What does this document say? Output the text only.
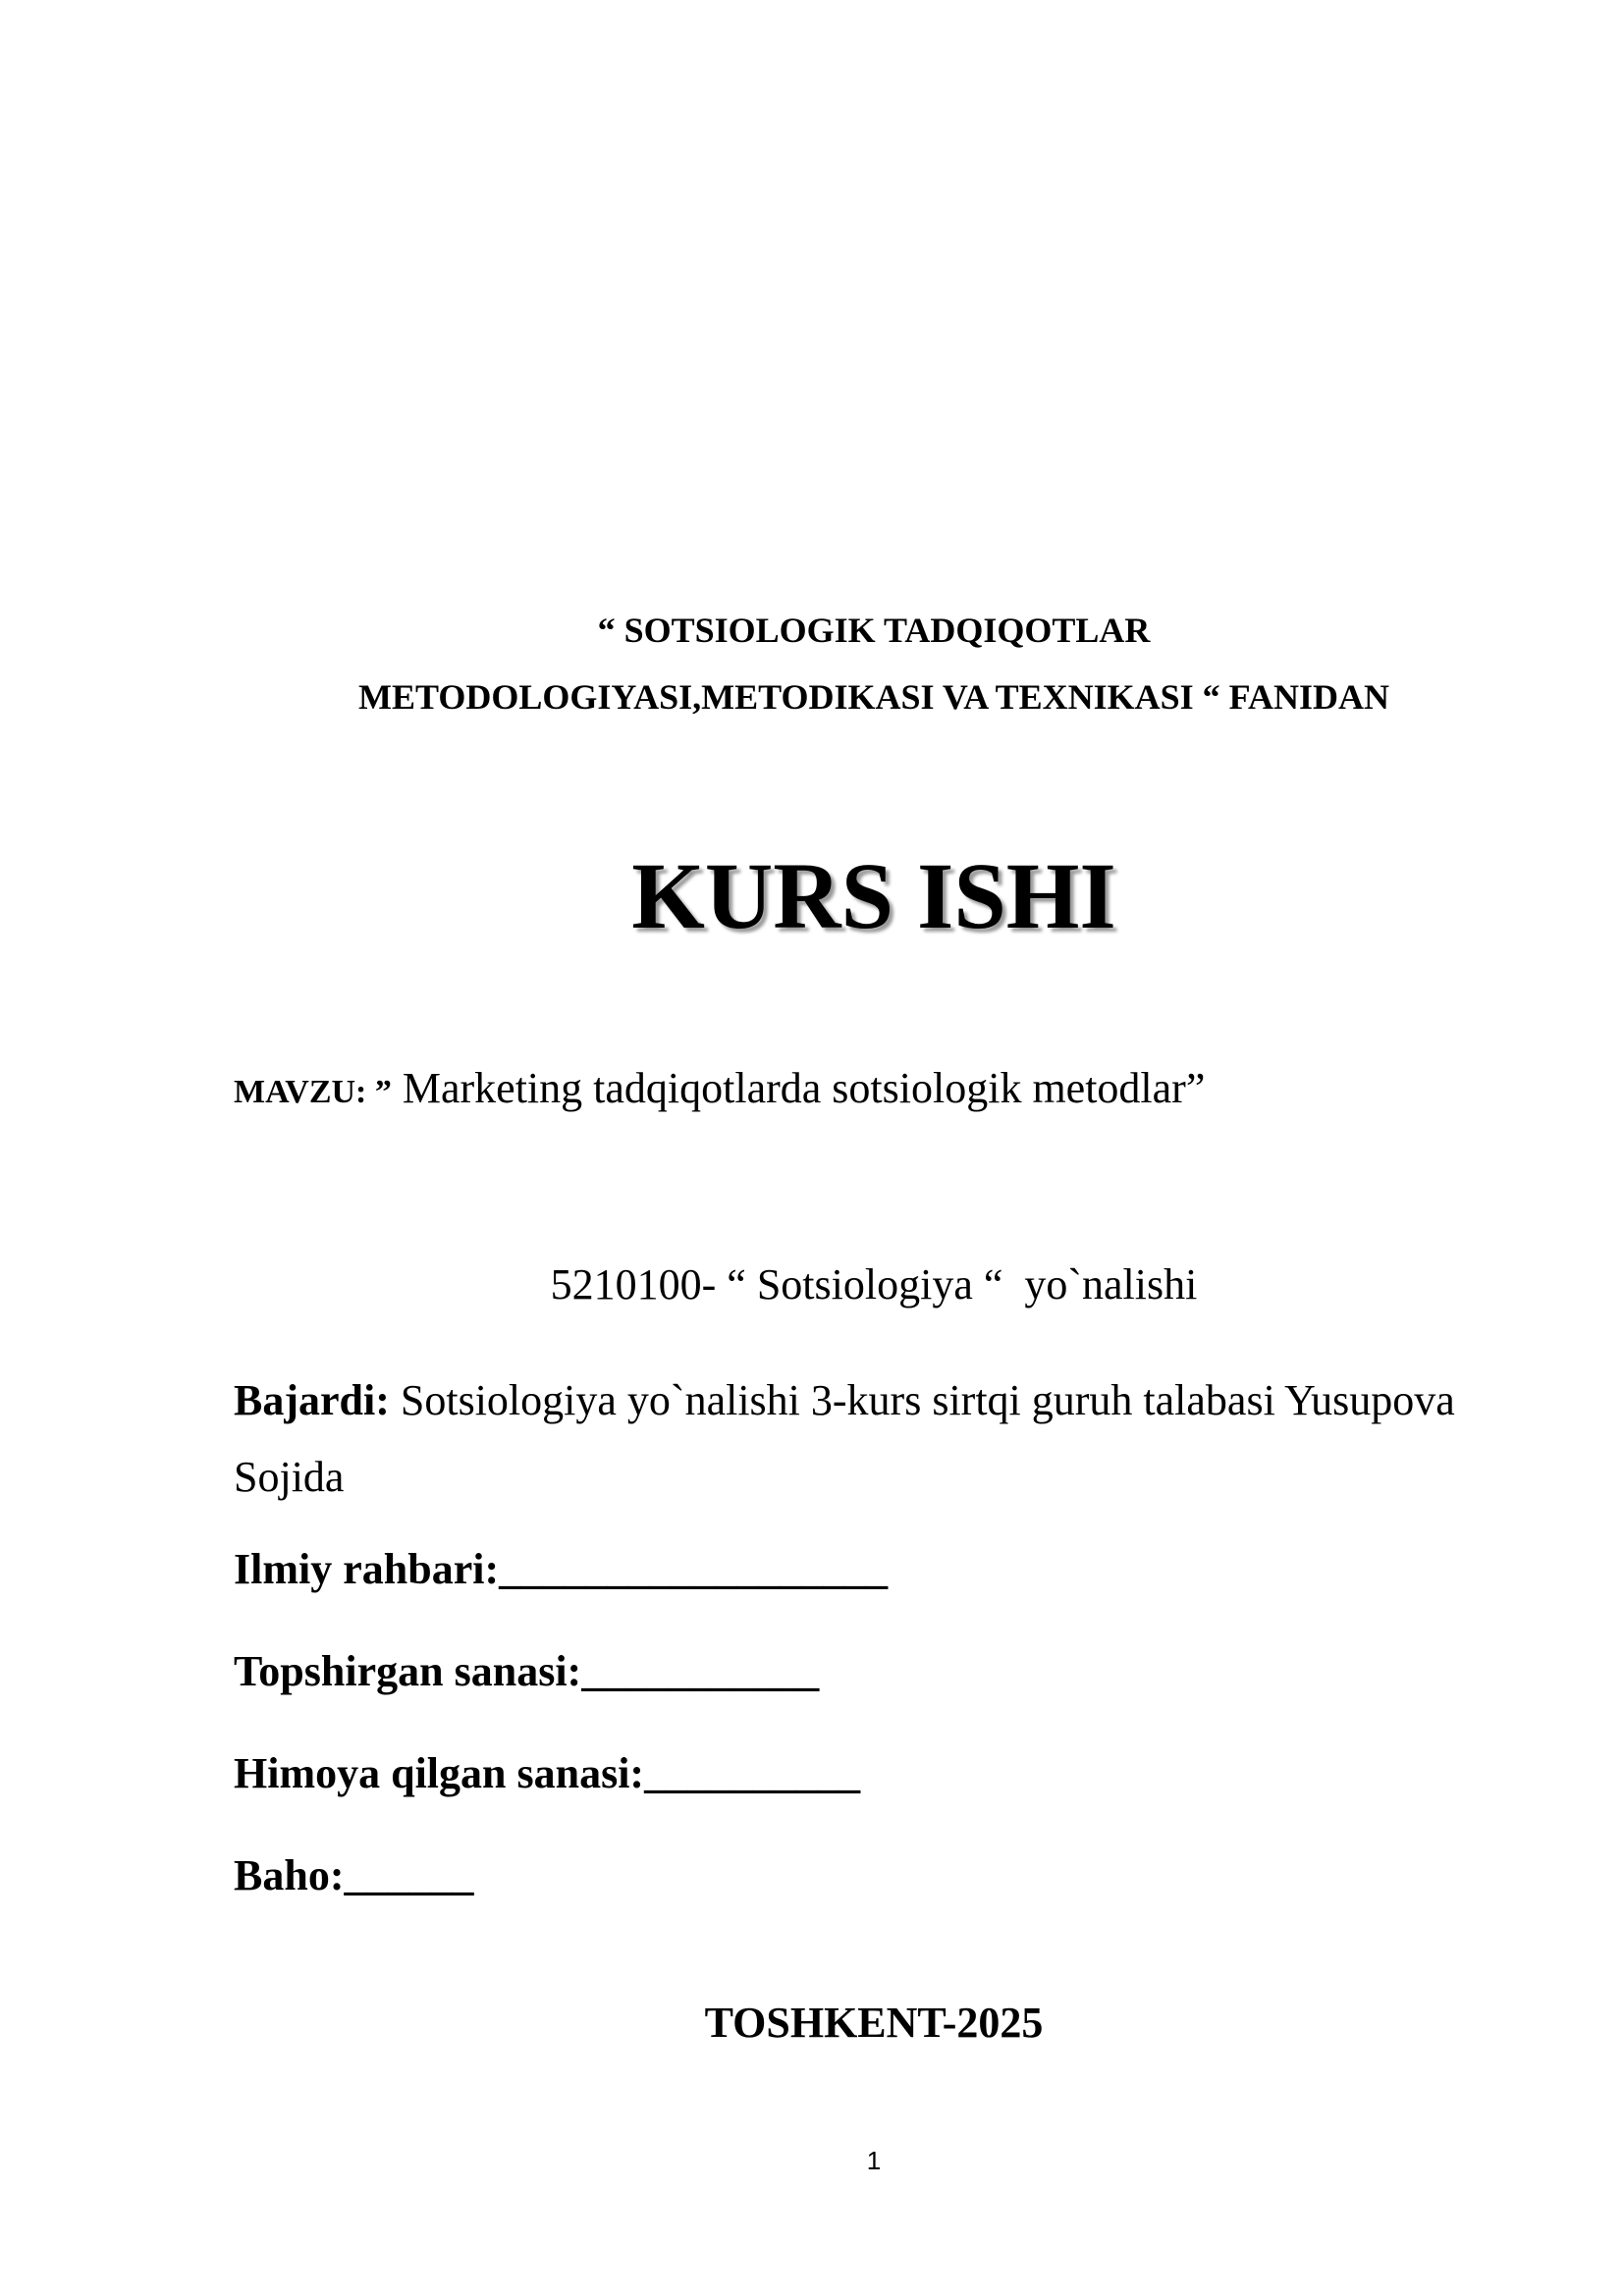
“ SOTSIOLOGIK TADQIQOTLAR
METODOLOGIYASI,METODIKASI VA TEXNIKASI “ FANIDAN
KURS ISHI
MAVZU: ” Marketing tadqiqotlarda sotsiologik metodlar”
5210100- “ Sotsiologiya “  yo`nalishi
Bajardi: Sotsiologiya yo`nalishi 3-kurs sirtqi guruh talabasi Yusupova Sojida
Ilmiy rahbari:__________________
Topshirgan sanasi:___________
Himoya qilgan sanasi:__________
Baho:______
TOSHKENT-2025
1
